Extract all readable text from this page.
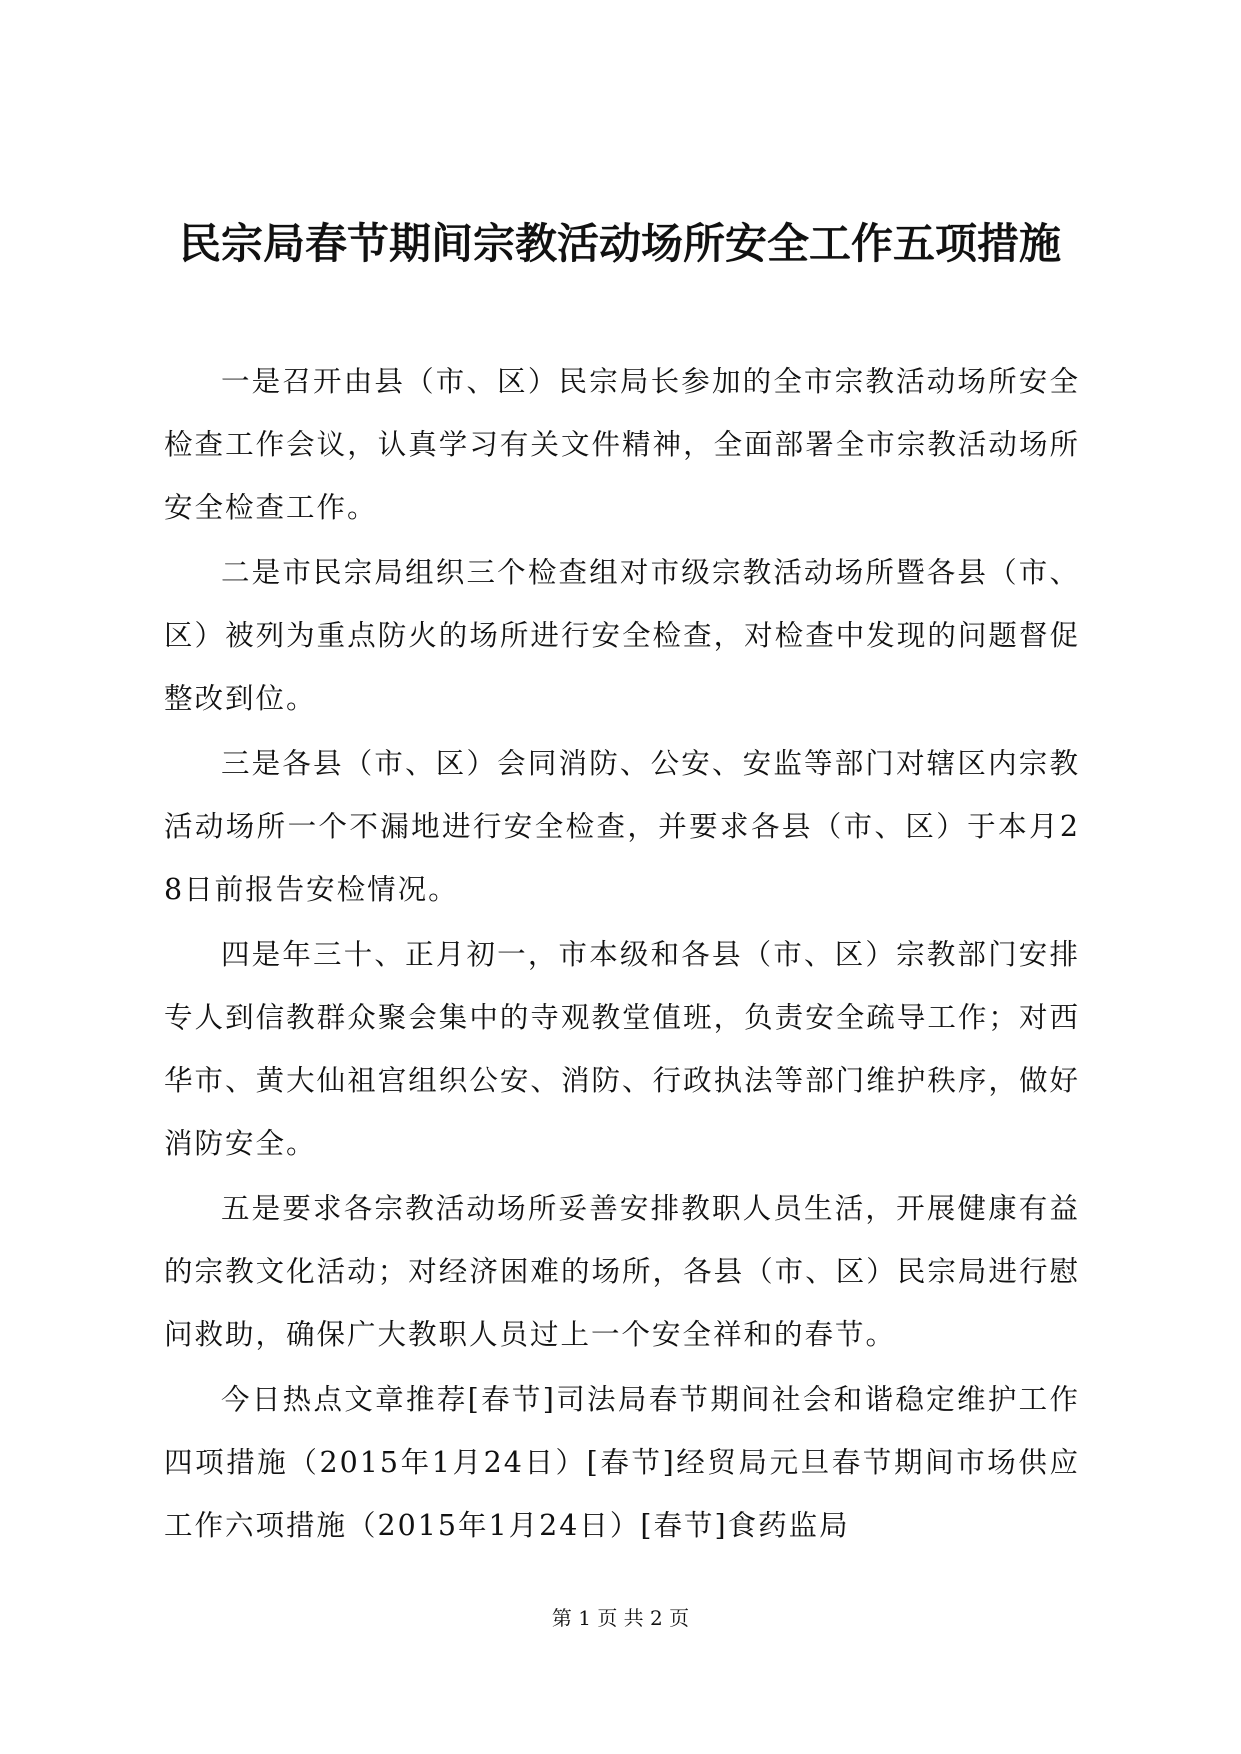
民宗局春节期间宗教活动场所安全工作五项措施

一是召开由县（市、区）民宗局长参加的全市宗教活动场所安全检查工作会议，认真学习有关文件精神，全面部署全市宗教活动场所安全检查工作。

二是市民宗局组织三个检查组对市级宗教活动场所暨各县（市、区）被列为重点防火的场所进行安全检查，对检查中发现的问题督促整改到位。

三是各县（市、区）会同消防、公安、安监等部门对辖区内宗教活动场所一个不漏地进行安全检查，并要求各县（市、区）于本月28日前报告安检情况。

四是年三十、正月初一，市本级和各县（市、区）宗教部门安排专人到信教群众聚会集中的寺观教堂值班，负责安全疏导工作；对西华市、黄大仙祖宫组织公安、消防、行政执法等部门维护秩序，做好消防安全。

五是要求各宗教活动场所妥善安排教职人员生活，开展健康有益的宗教文化活动；对经济困难的场所，各县（市、区）民宗局进行慰问救助，确保广大教职人员过上一个安全祥和的春节。

今日热点文章推荐[春节]司法局春节期间社会和谐稳定维护工作四项措施（2015年1月24日）[春节]经贸局元旦春节期间市场供应工作六项措施（2015年1月24日）[春节]食药监局

第 1 页 共 2 页
